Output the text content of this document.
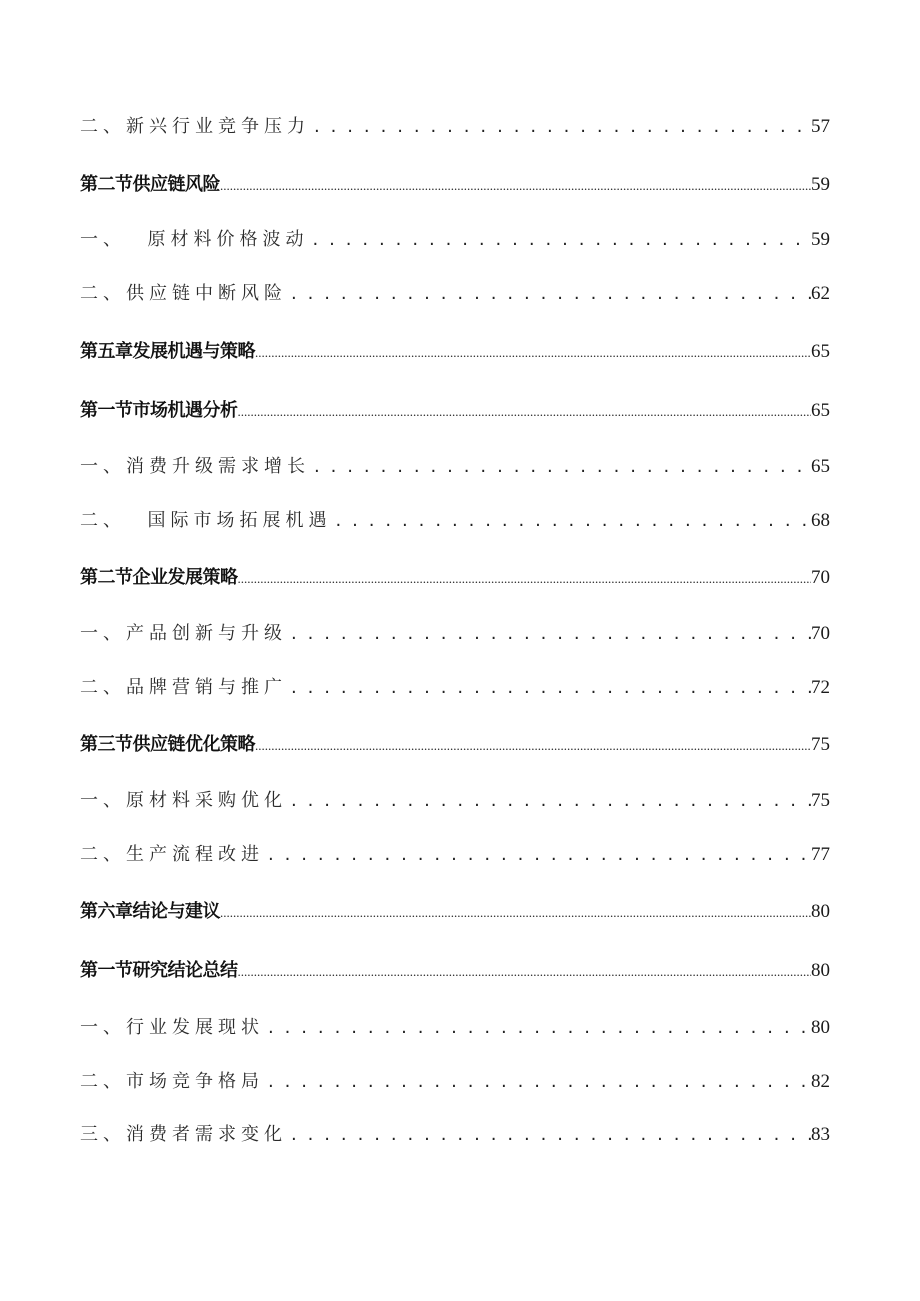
二、新兴行业竞争压力 . . .	57
第二节供应链风险 .....	59
一、  原材料价格波动 . . .	59
二、供应链中断风险 . . .	62
第五章发展机遇与策略 .....	65
第一节市场机遇分析 .....	65
一、消费升级需求增长 . . .	65
二、  国际市场拓展机遇 . . .	68
第二节企业发展策略 .....	70
一、产品创新与升级 . . .	70
二、品牌营销与推广 . . .	72
第三节供应链优化策略 .....	75
一、原材料采购优化 . . .	75
二、生产流程改进 . . .	77
第六章结论与建议 .....	80
第一节研究结论总结 .....	80
一、行业发展现状 . . .	80
二、市场竞争格局 . . .	82
三、消费者需求变化 . . .	83
